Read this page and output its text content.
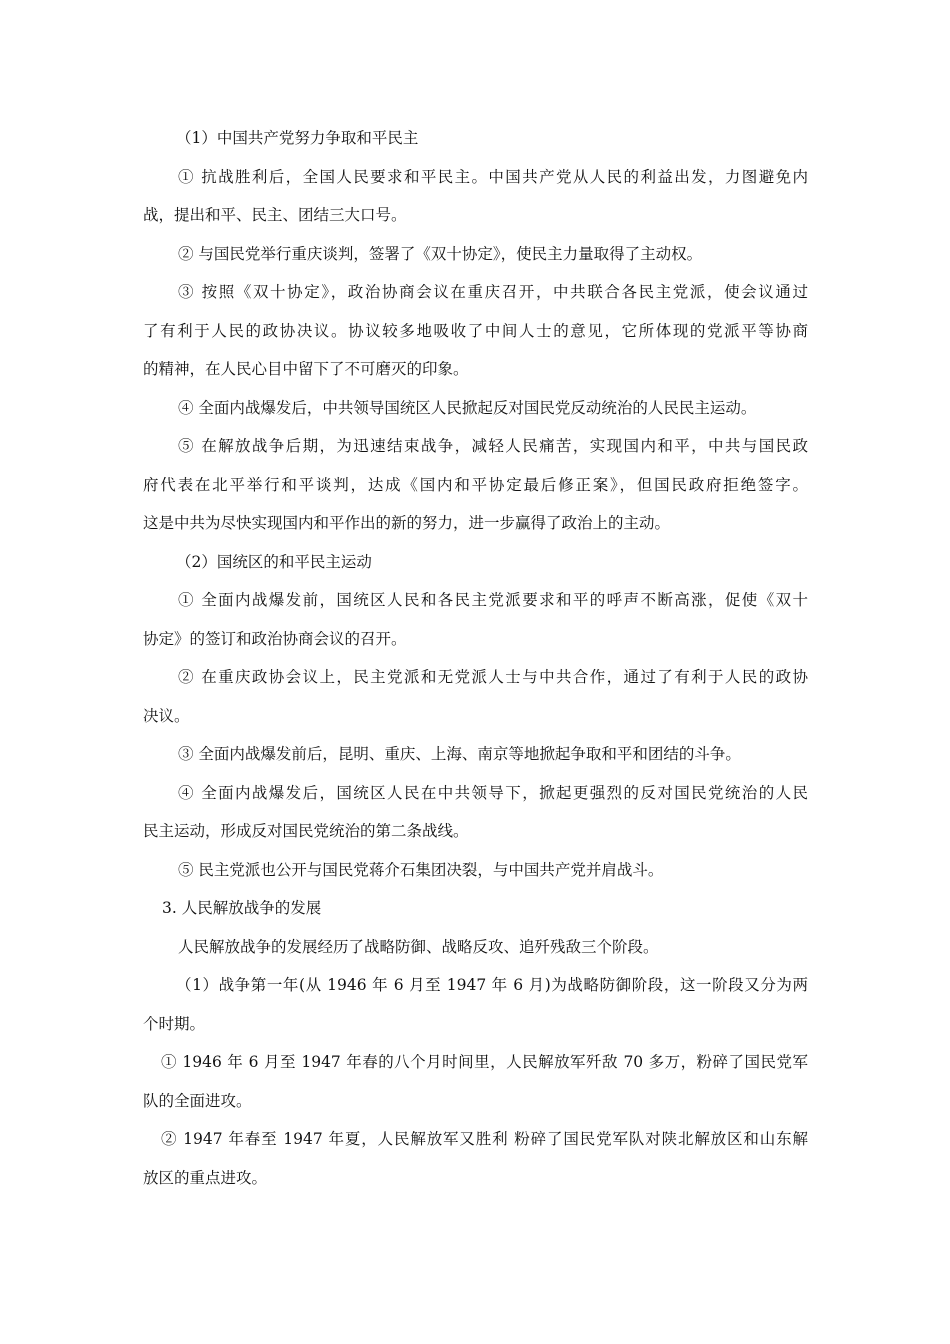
（1）中国共产党努力争取和平民主

① 抗战胜利后，全国人民要求和平民主。中国共产党从人民的利益出发，力图避免内

战，提出和平、民主、团结三大口号。

② 与国民党举行重庆谈判，签署了《双十协定》，使民主力量取得了主动权。

③ 按照《双十协定》，政治协商会议在重庆召开，中共联合各民主党派，使会议通过

了有利于人民的政协决议。协议较多地吸收了中间人士的意见，它所体现的党派平等协商

的精神，在人民心目中留下了不可磨灭的印象。

④ 全面内战爆发后，中共领导国统区人民掀起反对国民党反动统治的人民民主运动。

⑤ 在解放战争后期，为迅速结束战争，减轻人民痛苦，实现国内和平，中共与国民政

府代表在北平举行和平谈判，达成《国内和平协定最后修正案》，但国民政府拒绝签字。

这是中共为尽快实现国内和平作出的新的努力，进一步赢得了政治上的主动。

（2）国统区的和平民主运动

① 全面内战爆发前，国统区人民和各民主党派要求和平的呼声不断高涨，促使《双十

协定》的签订和政治协商会议的召开。

② 在重庆政协会议上，民主党派和无党派人士与中共合作，通过了有利于人民的政协

决议。

③ 全面内战爆发前后，昆明、重庆、上海、南京等地掀起争取和平和团结的斗争。

④ 全面内战爆发后，国统区人民在中共领导下，掀起更强烈的反对国民党统治的人民

民主运动，形成反对国民党统治的第二条战线。

⑤ 民主党派也公开与国民党蒋介石集团决裂，与中国共产党并肩战斗。

3. 人民解放战争的发展

人民解放战争的发展经历了战略防御、战略反攻、追歼残敌三个阶段。

（1）战争第一年(从 1946 年 6 月至 1947 年 6 月)为战略防御阶段，这一阶段又分为两

个时期。

① 1946 年 6 月至 1947 年春的八个月时间里，人民解放军歼敌 70 多万，粉碎了国民党军

队的全面进攻。

② 1947 年春至 1947 年夏，人民解放军又胜利 粉碎了国民党军队对陕北解放区和山东解

放区的重点进攻。
